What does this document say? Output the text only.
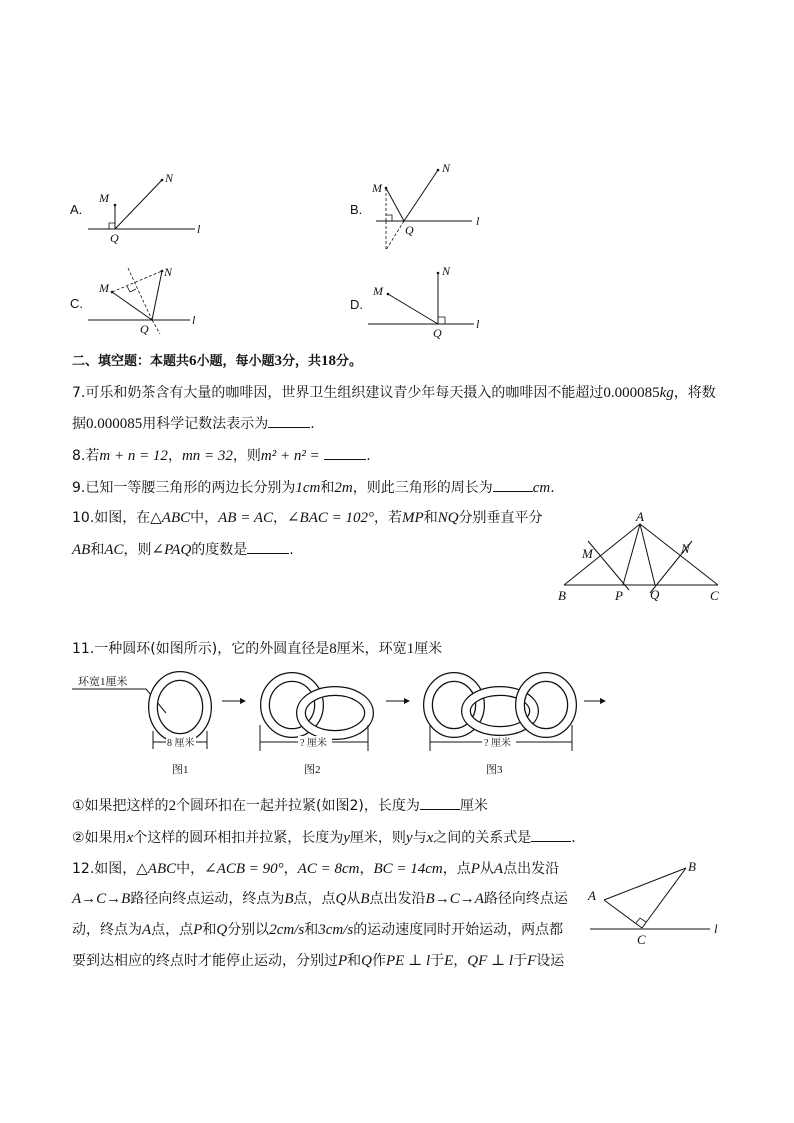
A.
M
N
Q
l
B.
M
N
Q
l
C.
M
N
Q
l
D.
M
N
Q
l
二、填空题：本题共6小题，每小题3分，共18分。
7.可乐和奶茶含有大量的咖啡因，世界卫生组织建议青少年每天摄入的咖啡因不能超过0.000085kg，将数
据0.000085用科学记数法表示为	.
8.若m + n = 12，mn = 32，则m² + n² =	.
9.已知一等腰三角形的两边长分别为1cm和2m，则此三角形的周长为	cm.
10.如图，在△ABC中，AB = AC，∠BAC = 102°，若MP和NQ分别垂直平分
AB和AC，则∠PAQ的度数是	.
A
B	C
M	N
P Q
11.一种圆环(如图所示)，它的外圆直径是8厘米，环宽1厘米
环宽1厘米
8 厘米
图1
? 厘米
图2
? 厘米
图3
①如果把这样的2个圆环扣在一起并拉紧(如图2)，长度为	厘米
②如果用x个这样的圆环相扣并拉紧，长度为y厘米，则y与x之间的关系式是	.
12.如图，△ABC中，∠ACB = 90°，AC = 8cm，BC = 14cm，点P从A点出发沿
A→C→B路径向终点运动，终点为B点，点Q从B点出发沿B→C→A路径向终点运
动，终点为A点，点P和Q分别以2cm/s和3cm/s的运动速度同时开始运动，两点都
要到达相应的终点时才能停止运动，分别过P和Q作PE ⊥ l于E，QF ⊥ l于F设运
A
B
C
l
